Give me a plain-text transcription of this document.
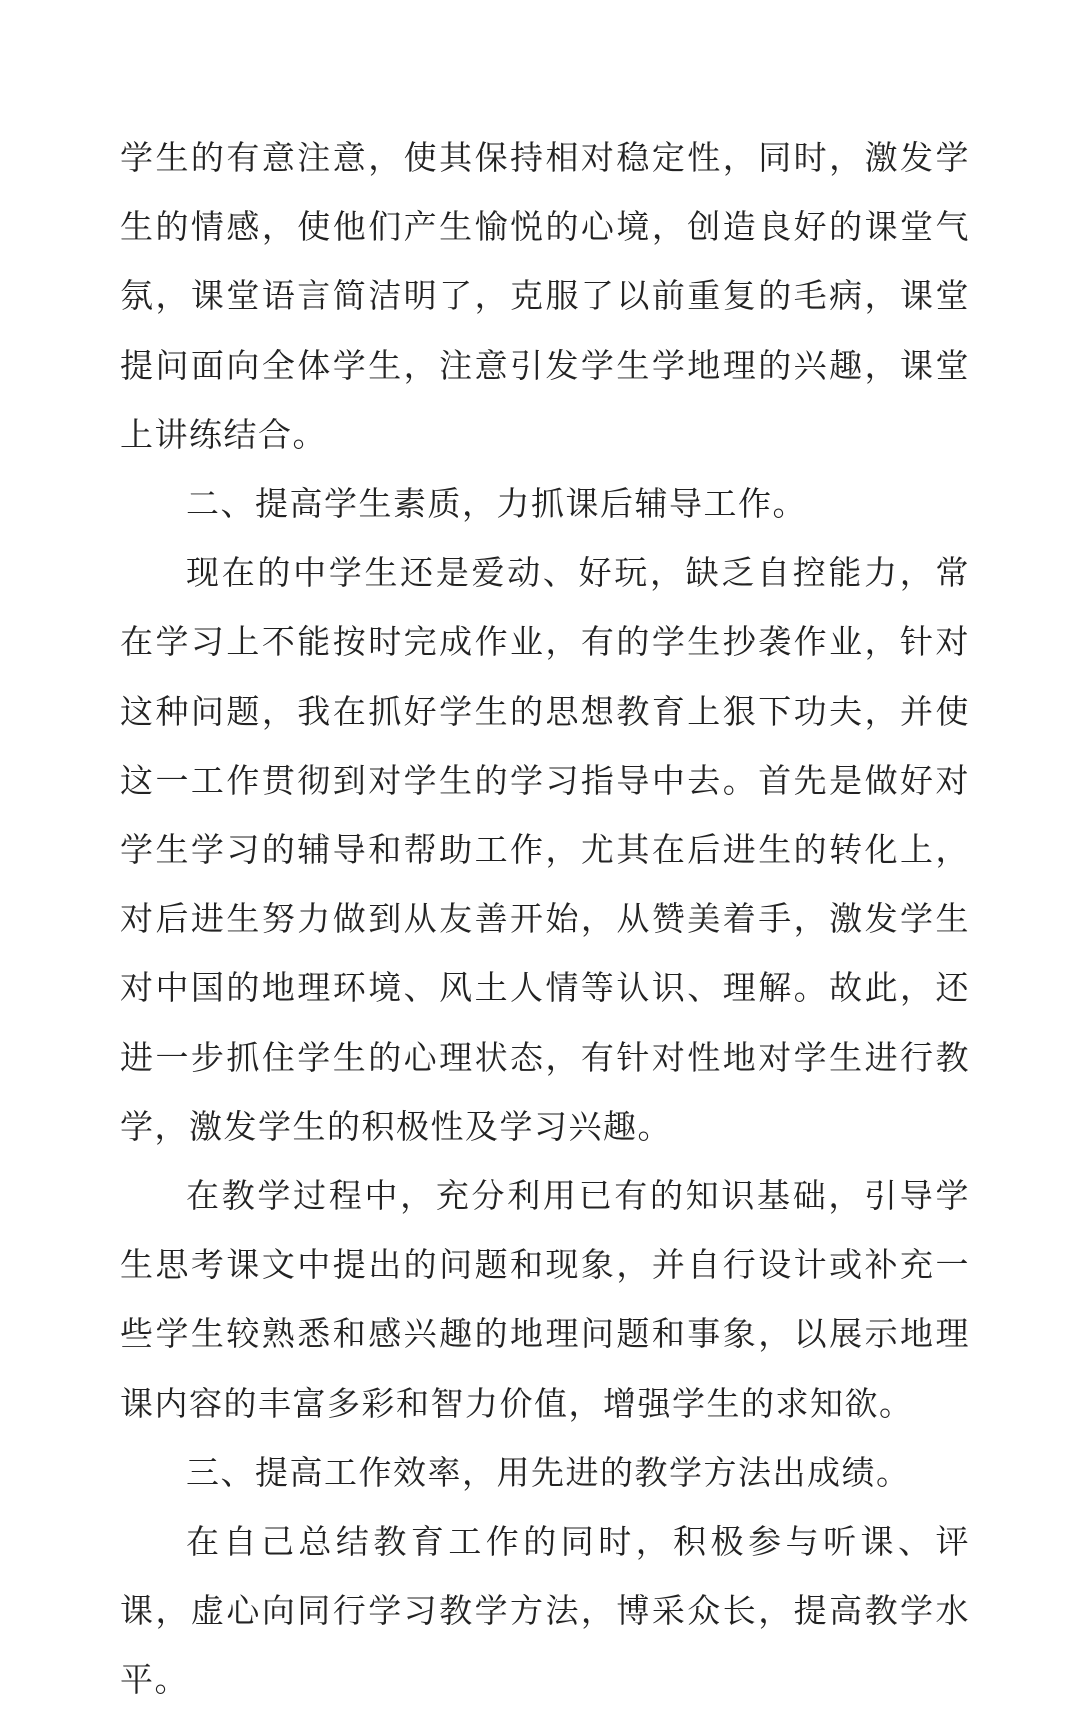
学生的有意注意，使其保持相对稳定性，同时，激发学生的情感，使他们产生愉悦的心境，创造良好的课堂气氛，课堂语言简洁明了，克服了以前重复的毛病，课堂提问面向全体学生，注意引发学生学地理的兴趣，课堂上讲练结合。

二、提高学生素质，力抓课后辅导工作。

现在的中学生还是爱动、好玩，缺乏自控能力，常在学习上不能按时完成作业，有的学生抄袭作业，针对这种问题，我在抓好学生的思想教育上狠下功夫，并使这一工作贯彻到对学生的学习指导中去。首先是做好对学生学习的辅导和帮助工作，尤其在后进生的转化上，对后进生努力做到从友善开始，从赞美着手，激发学生对中国的地理环境、风土人情等认识、理解。故此，还进一步抓住学生的心理状态，有针对性地对学生进行教学，激发学生的积极性及学习兴趣。

在教学过程中，充分利用已有的知识基础，引导学生思考课文中提出的问题和现象，并自行设计或补充一些学生较熟悉和感兴趣的地理问题和事象，以展示地理课内容的丰富多彩和智力价值，增强学生的求知欲。

三、提高工作效率，用先进的教学方法出成绩。

在自己总结教育工作的同时，积极参与听课、评课，虚心向同行学习教学方法，博采众长，提高教学水平。
